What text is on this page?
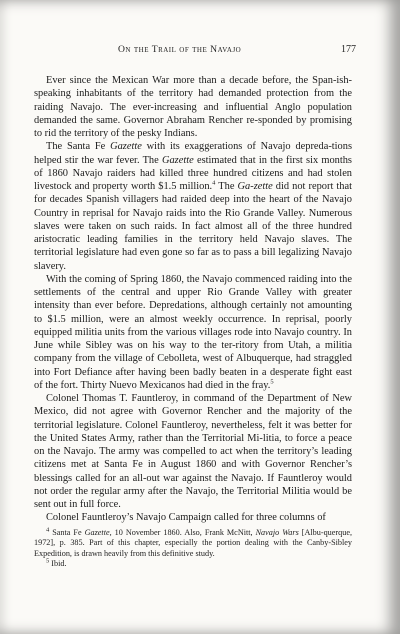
On the Trail of the Navajo	177

Ever since the Mexican War more than a decade before, the Span-ish-speaking inhabitants of the territory had demanded protection from the raiding Navajo. The ever-increasing and influential Anglo population demanded the same. Governor Abraham Rencher re-sponded by promising to rid the territory of the pesky Indians.

The Santa Fe Gazette with its exaggerations of Navajo depreda-tions helped stir the war fever. The Gazette estimated that in the first six months of 1860 Navajo raiders had killed three hundred citizens and had stolen livestock and property worth $1.5 million.$^4$ The Ga-zette did not report that for decades Spanish villagers had raided deep into the heart of the Navajo Country in reprisal for Navajo raids into the Rio Grande Valley. Numerous slaves were taken on such raids. In fact almost all of the three hundred aristocratic leading families in the territory held Navajo slaves. The territorial legislature had even gone so far as to pass a bill legalizing Navajo slavery.

With the coming of Spring 1860, the Navajo commenced raiding into the settlements of the central and upper Rio Grande Valley with greater intensity than ever before. Depredations, although certainly not amounting to $1.5 million, were an almost weekly occurrence. In reprisal, poorly equipped militia units from the various villages rode into Navajo country. In June while Sibley was on his way to the ter-ritory from Utah, a militia company from the village of Cebolleta, west of Albuquerque, had straggled into Fort Defiance after having been badly beaten in a desperate fight east of the fort. Thirty Nuevo Mexicanos had died in the fray.$^5$

Colonel Thomas T. Fauntleroy, in command of the Department of New Mexico, did not agree with Governor Rencher and the majority of the territorial legislature. Colonel Fauntleroy, nevertheless, felt it was better for the United States Army, rather than the Territorial Mi-litia, to force a peace on the Navajo. The army was compelled to act when the territory’s leading citizens met at Santa Fe in August 1860 and with Governor Rencher’s blessings called for an all-out war against the Navajo. If Fauntleroy would not order the regular army after the Navajo, the Territorial Militia would be sent out in full force.

Colonel Fauntleroy’s Navajo Campaign called for three columns of

$^4$ Santa Fe Gazette, 10 November 1860. Also, Frank McNitt, Navajo Wars [Albu-querque, 1972], p. 385. Part of this chapter, especially the portion dealing with the Canby-Sibley Expedition, is drawn heavily from this definitive study.

$^5$ Ibid.
